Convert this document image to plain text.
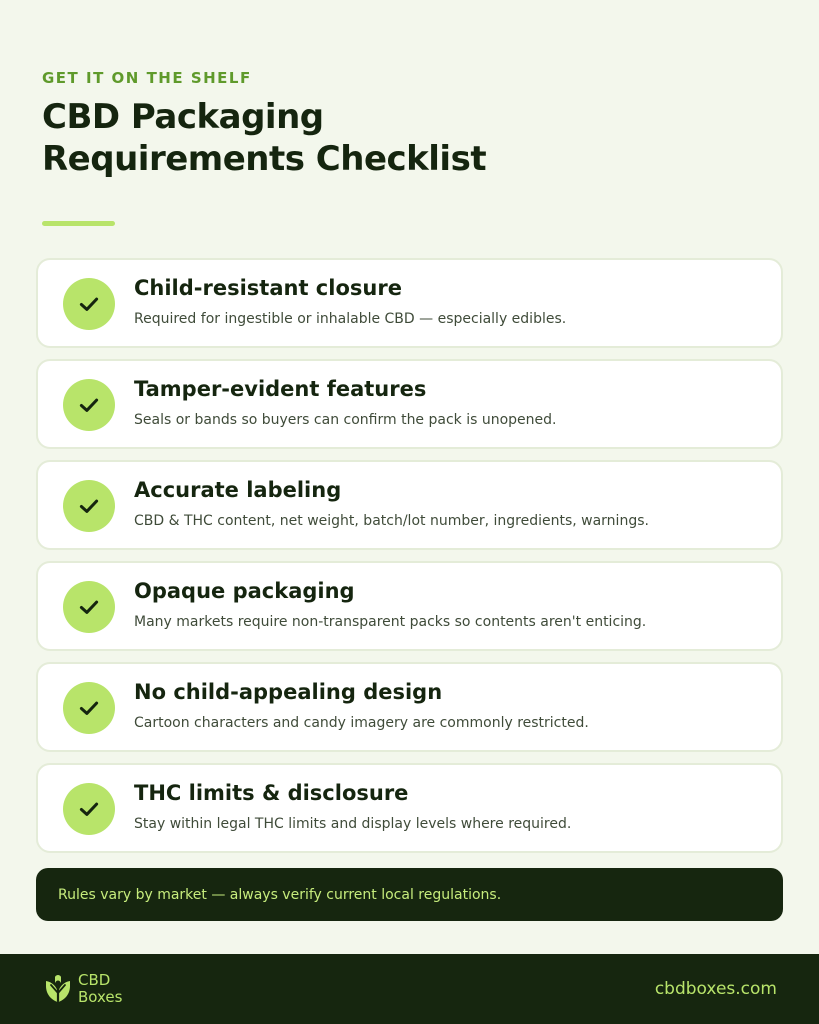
GET IT ON THE SHELF
CBD Packaging
Requirements Checklist
Child-resistant closure
Required for ingestible or inhalable CBD — especially edibles.
Tamper-evident features
Seals or bands so buyers can confirm the pack is unopened.
Accurate labeling
CBD & THC content, net weight, batch/lot number, ingredients, warnings.
Opaque packaging
Many markets require non-transparent packs so contents aren't enticing.
No child-appealing design
Cartoon characters and candy imagery are commonly restricted.
THC limits & disclosure
Stay within legal THC limits and display levels where required.
Rules vary by market — always verify current local regulations.
CBD
Boxes	cbdboxes.com
